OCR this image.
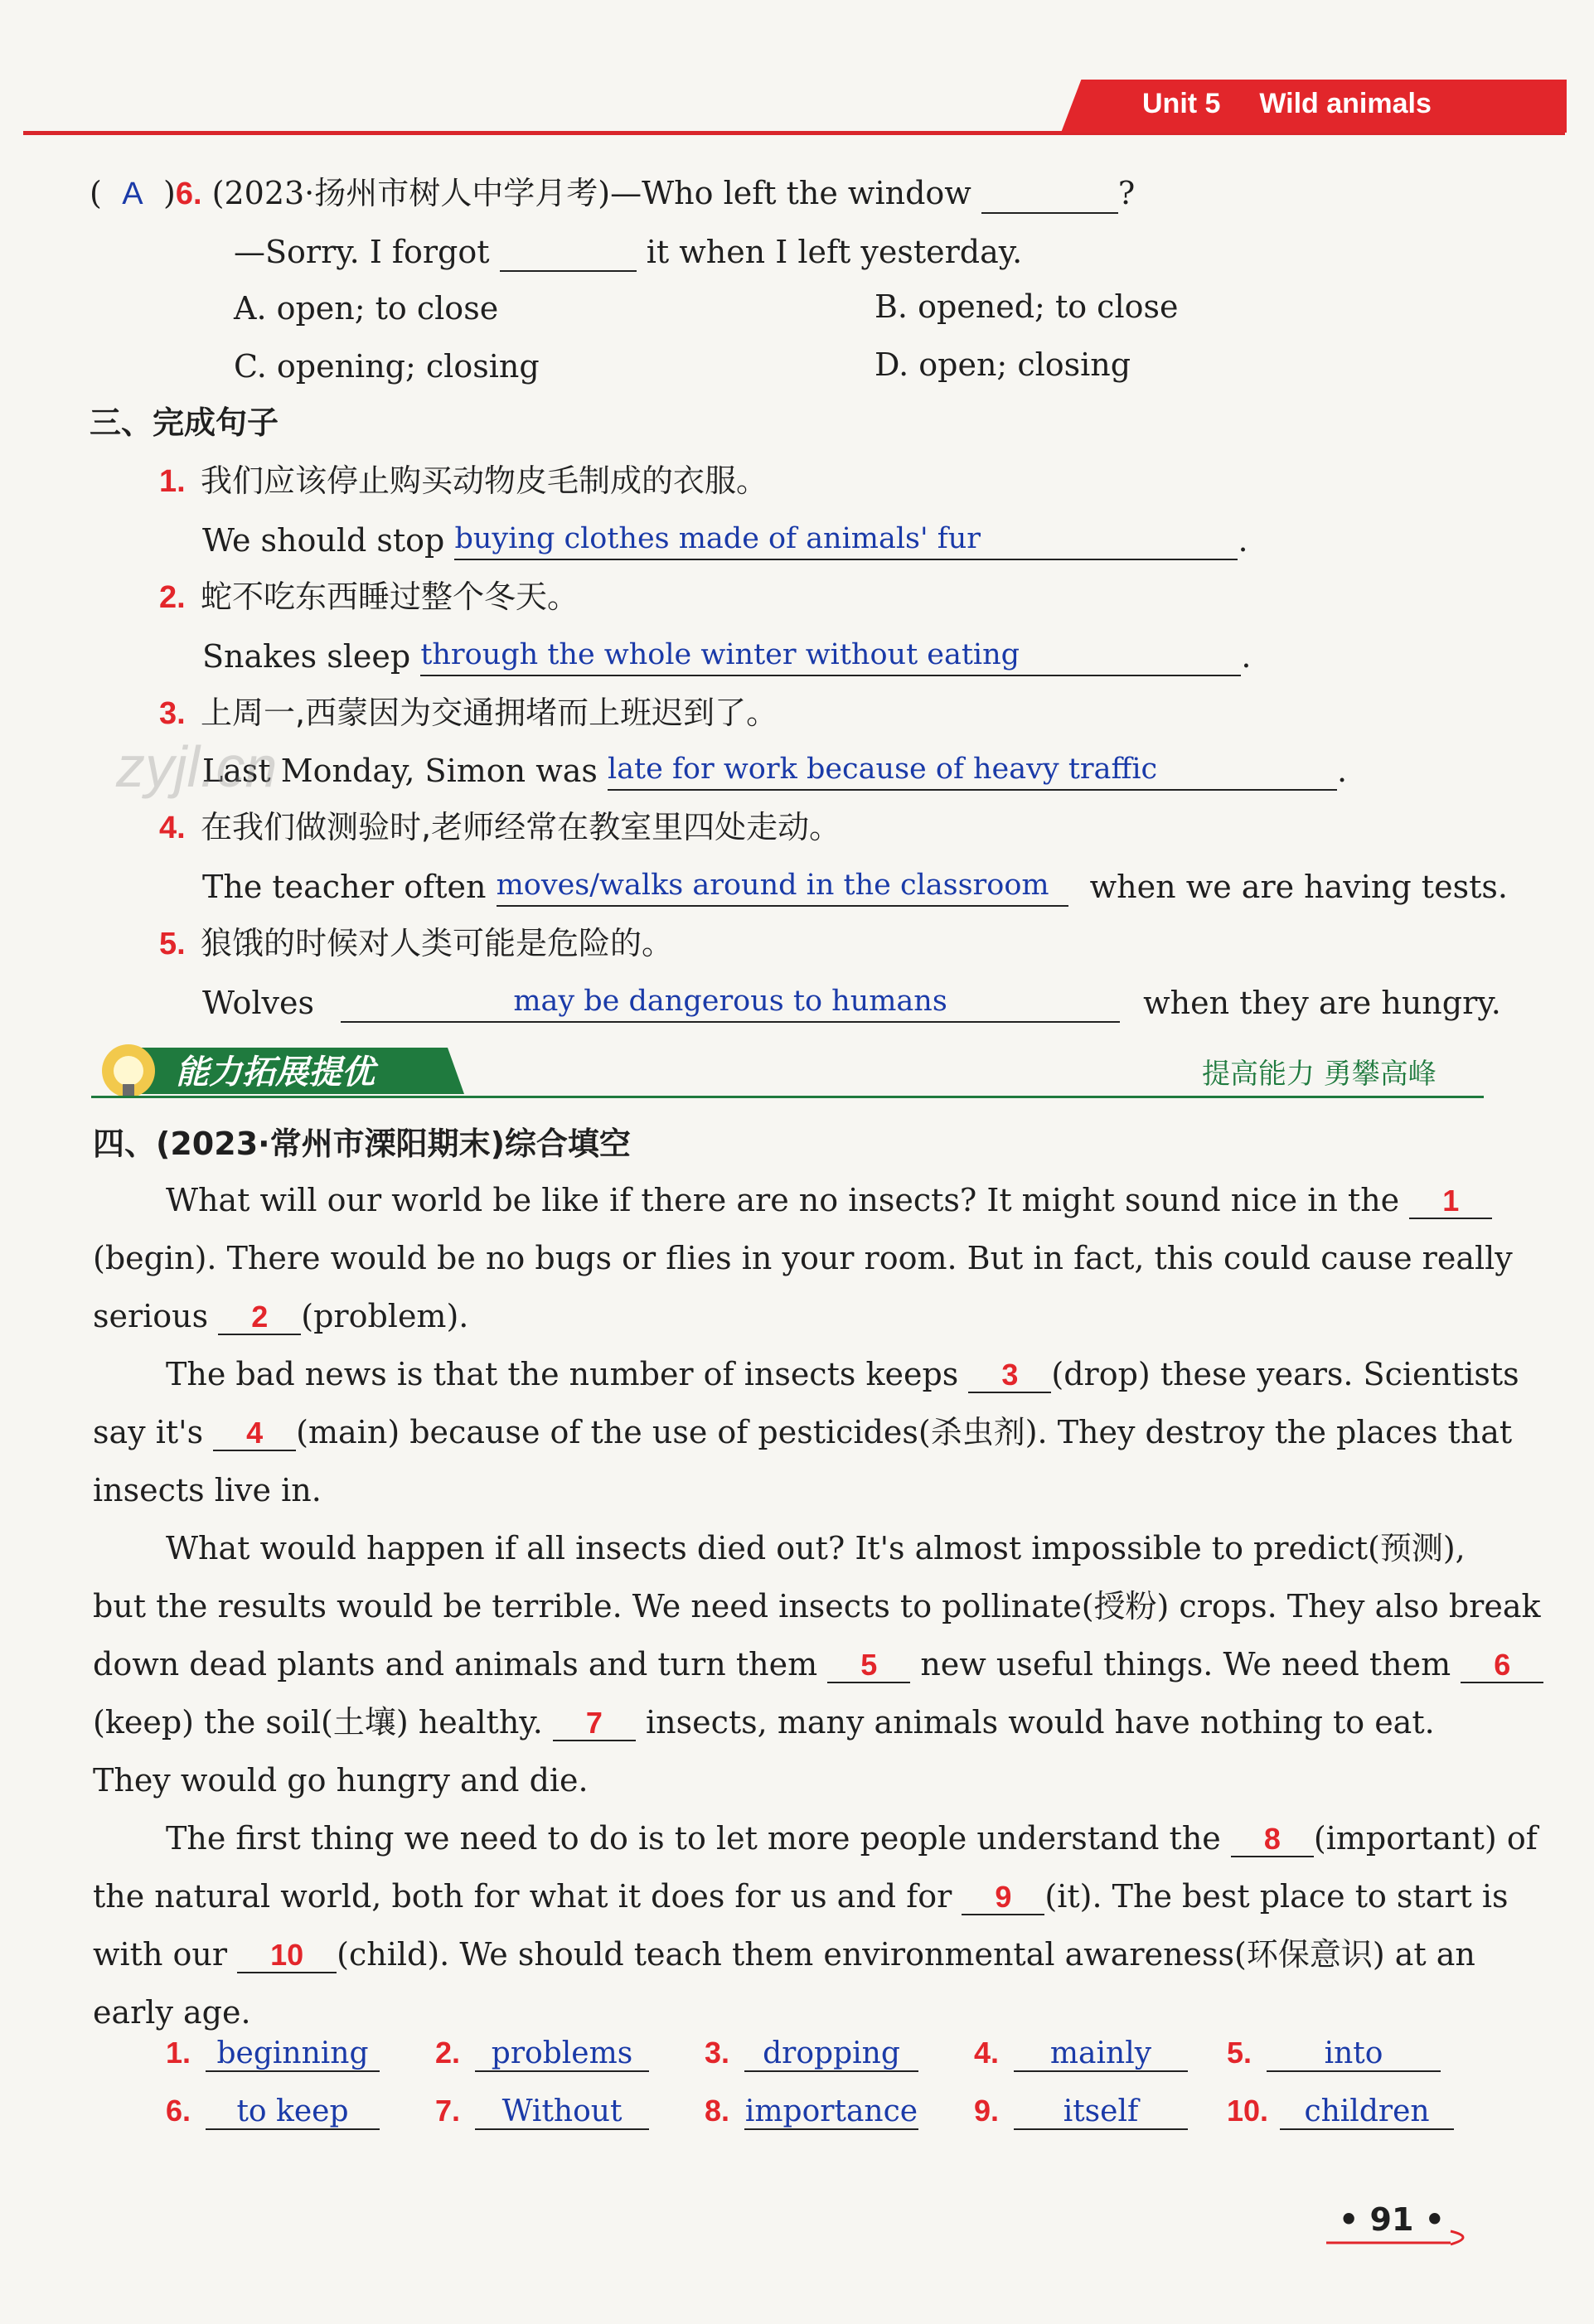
Unit 5 Wild animals
( A )6. (2023·扬州市树人中学月考)—Who left the window	?
—Sorry. I forgot	it when I left yesterday.
A. open; to close	B. opened; to close
C. opening; closing	D. open; closing
三、完成句子
1. 我们应该停止购买动物皮毛制成的衣服。
We should stop buying clothes made of animals' fur	.
2. 蛇不吃东西睡过整个冬天。
Snakes sleep through the whole winter without eating	.
3. 上周一,西蒙因为交通拥堵而上班迟到了。
Last Monday, Simon was late for work because of heavy traffic	.
4. 在我们做测验时,老师经常在教室里四处走动。
The teacher often moves/walks around in the classroom when we are having tests.
5. 狼饿的时候对人类可能是危险的。
Wolves	may be dangerous to humans	when they are hungry.
zyjl.cn
能力拓展提优	提高能力 勇攀高峰
四、(2023·常州市溧阳期末)综合填空
What will our world be like if there are no insects? It might sound nice in the 1
(begin). There would be no bugs or flies in your room. But in fact, this could cause really
serious 2 (problem).
The bad news is that the number of insects keeps 3 (drop) these years. Scientists
say it's 4 (main) because of the use of pesticides(杀虫剂). They destroy the places that
insects live in.
What would happen if all insects died out? It's almost impossible to predict(预测),
but the results would be terrible. We need insects to pollinate(授粉) crops. They also break
down dead plants and animals and turn them 5 new useful things. We need them 6
(keep) the soil(土壤) healthy. 7 insects, many animals would have nothing to eat.
They would go hungry and die.
The first thing we need to do is to let more people understand the 8 (important) of
the natural world, both for what it does for us and for 9 (it). The best place to start is
with our 10 (child). We should teach them environmental awareness(环保意识) at an
early age.
1. beginning	2. problems	3. dropping	4. mainly	5. into
6. to keep	7. Without	8. importance 9. itself	10. children
• 91 •
